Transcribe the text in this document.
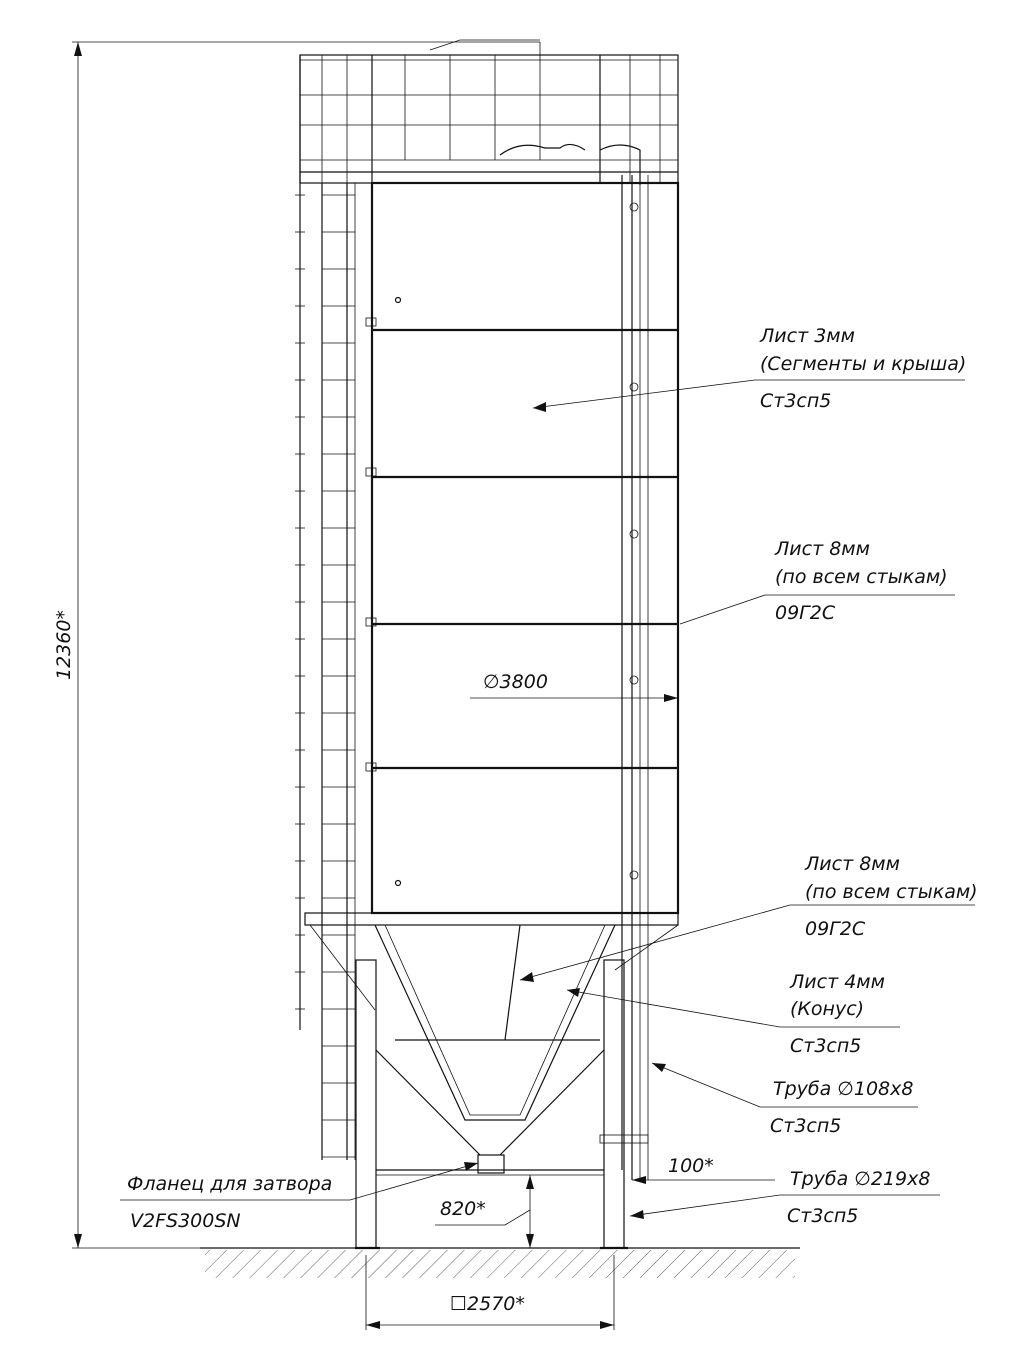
12360*
Лист 3мм
(Сегменты и крыша)
Ст3сп5
Лист 8мм
(по всем стыкам)
09Г2С
∅3800
Лист 8мм
(по всем стыкам)
09Г2С
Лист 4мм
(Конус)
Ст3сп5
Труба ∅108х8
Ст3сп5
100*
Труба ∅219х8
Ст3сп5
Фланец для затвора
V2FS300SN
820*
☐2570*
